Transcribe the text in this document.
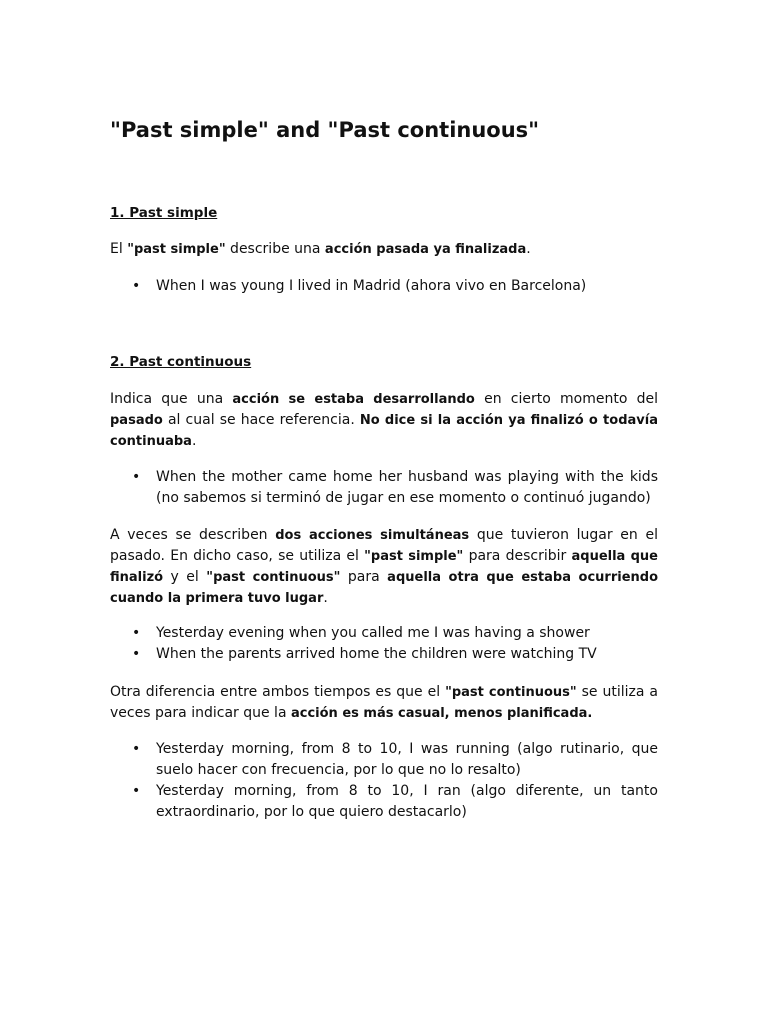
"Past simple" and "Past continuous"
1. Past simple

El "past simple" describe una acción pasada ya finalizada.

• When I was young I lived in Madrid (ahora vivo en Barcelona)
2. Past continuous

Indica que una acción se estaba desarrollando en cierto momento del pasado al cual se hace referencia. No dice si la acción ya finalizó o todavía continuaba.

• When the mother came home her husband was playing with the kids (no sabemos si terminó de jugar en ese momento o continuó jugando)

A veces se describen dos acciones simultáneas que tuvieron lugar en el pasado. En dicho caso, se utiliza el "past simple" para describir aquella que finalizó y el "past continuous" para aquella otra que estaba ocurriendo cuando la primera tuvo lugar.

• Yesterday evening when you called me I was having a shower
• When the parents arrived home the children were watching TV

Otra diferencia entre ambos tiempos es que el "past continuous" se utiliza a veces para indicar que la acción es más casual, menos planificada.

• Yesterday morning, from 8 to 10, I was running (algo rutinario, que suelo hacer con frecuencia, por lo que no lo resalto)
• Yesterday morning, from 8 to 10, I ran (algo diferente, un tanto extraordinario, por lo que quiero destacarlo)
